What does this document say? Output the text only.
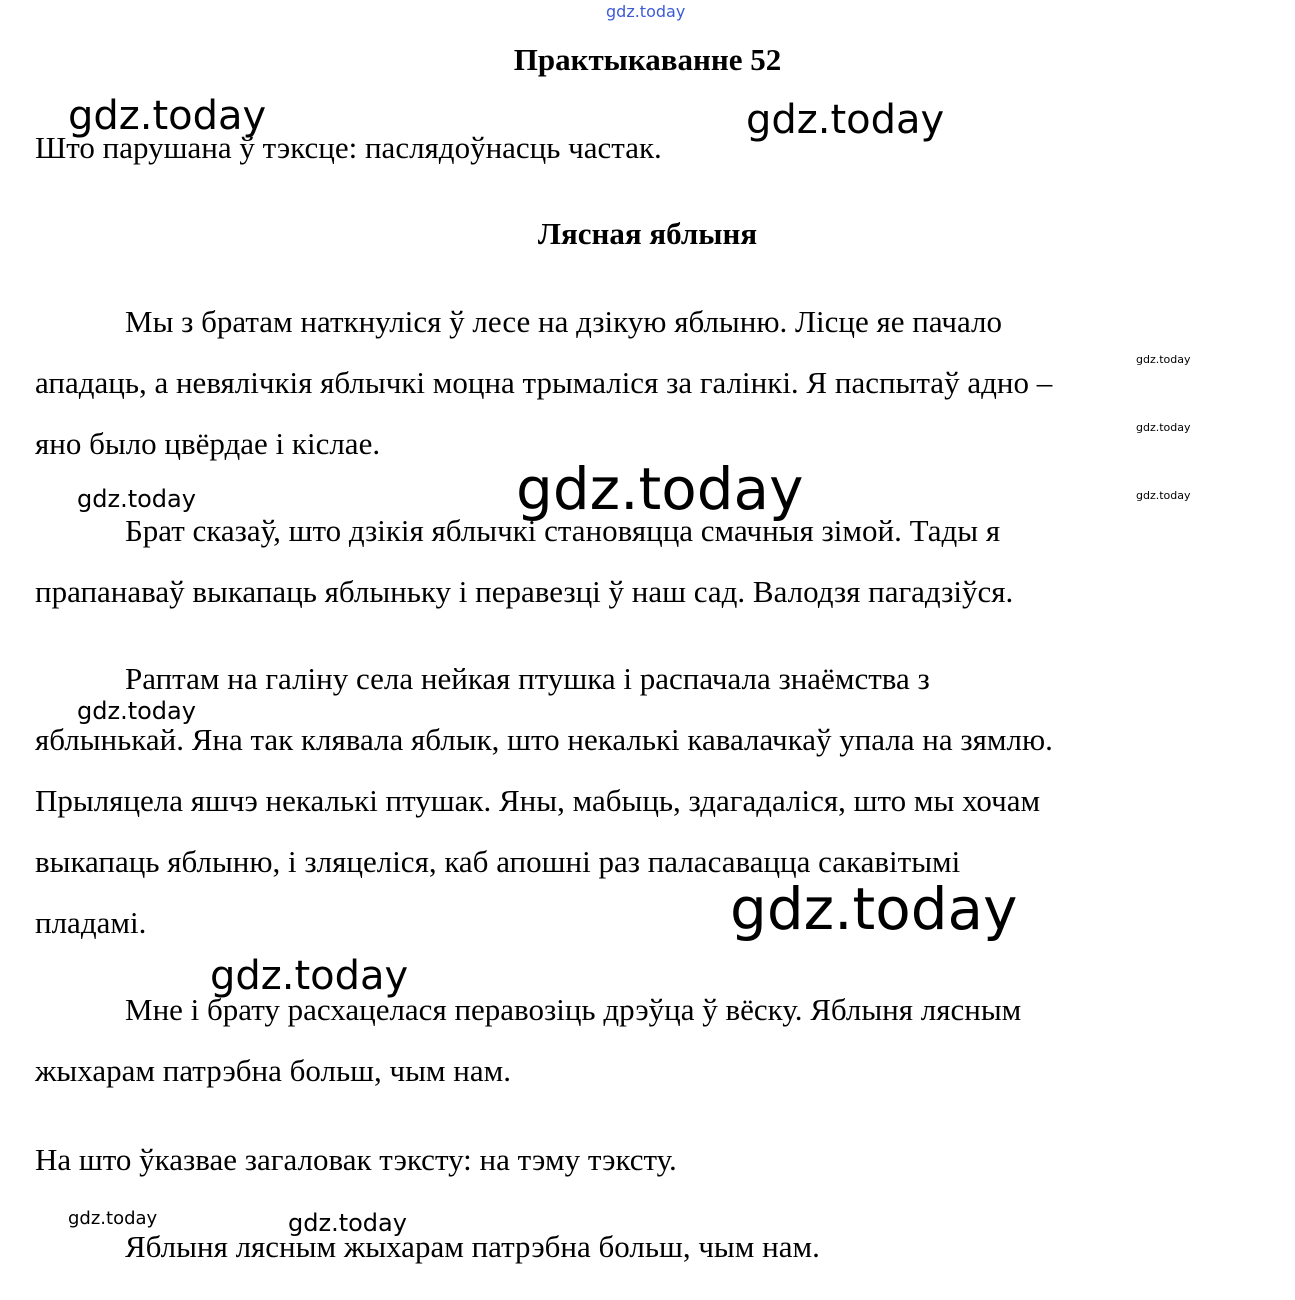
Практыкаванне 52
Што парушана ў тэксце: паслядоўнасць частак.
Лясная яблыня
Мы з братам наткнуліся ў лесе на дзікую яблыню. Лісце яе пачало
ападаць, а невялічкія яблычкі моцна трымаліся за галінкі. Я паспытаў адно –
яно было цвёрдае і кіслае.
Брат сказаў, што дзікія яблычкі становяцца смачныя зімой. Тады я
прапанаваў выкапаць яблыньку і перавезці ў наш сад. Валодзя пагадзіўся.
Раптам на галіну села нейкая птушка і распачала знаёмства з
яблынькай. Яна так клявала яблык, што некалькі кавалачкаў упала на зямлю.
Прыляцела яшчэ некалькі птушак. Яны, мабыць, здагадаліся, што мы хочам
выкапаць яблыню, і зляцеліся, каб апошні раз паласавацца сакавітымі
пладамі.
Мне і брату расхацелася перавозіць дрэўца ў вёску. Яблыня лясным
жыхарам патрэбна больш, чым нам.
На што ўказвае загаловак тэксту: на тэму тэксту.
Яблыня лясным жыхарам патрэбна больш, чым нам.
gdz.today
gdz.today	gdz.today
gdz.today
gdz.today
gdz.today	gdz.today
gdz.today
gdz.today
gdz.today
gdz.today
gdz.today	gdz.today
